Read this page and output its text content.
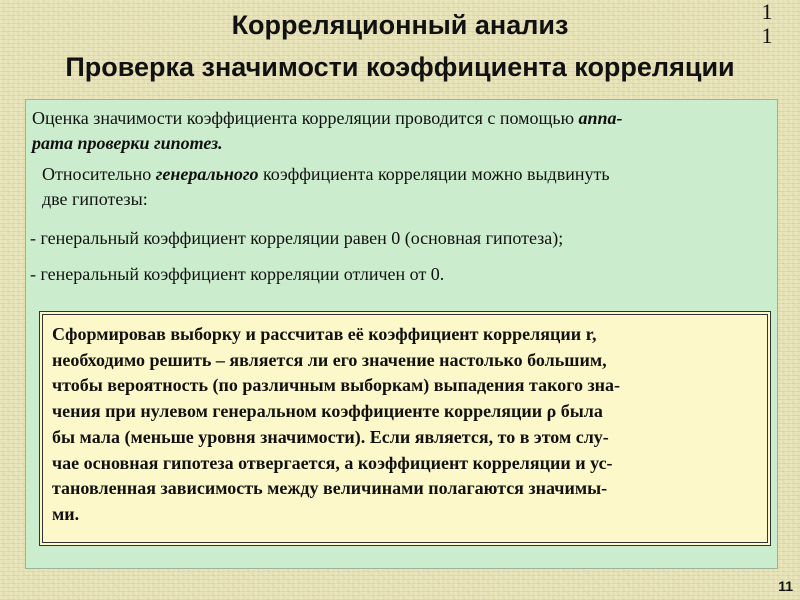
Корреляционный анализ
Проверка значимости коэффициента корреляции
1
1

Оценка значимости коэффициента корреляции проводится с помощью аппа-
рата проверки гипотез.

Относительно генерального коэффициента корреляции можно выдвинуть
две гипотезы:

- генеральный коэффициент корреляции равен 0 (основная гипотеза);

- генеральный коэффициент корреляции отличен от 0.

Сформировав выборку и рассчитав её коэффициент корреляции r,
необходимо решить – является ли его значение настолько большим,
чтобы вероятность (по различным выборкам) выпадения такого зна-
чения при нулевом генеральном коэффициенте корреляции ρ была
бы мала (меньше уровня значимости). Если является, то в этом слу-
чае основная гипотеза отвергается, а коэффициент корреляции и ус-
тановленная зависимость между величинами полагаются значимы-
ми.

11
